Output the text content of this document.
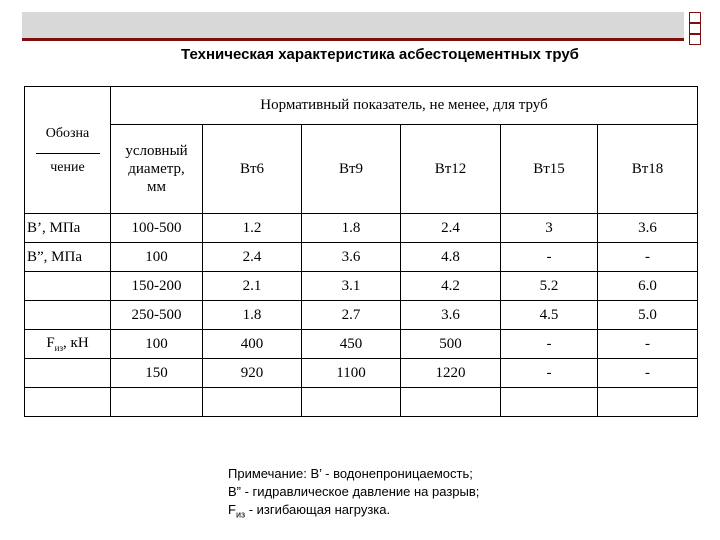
Техническая характеристика асбестоцементных труб
	Нормативный показатель, не менее, для труб					
Обозна

чение	условный
диаметр,
мм	Вт6	Вт9	Вт12	Вт15	Вт18

В’, МПа	100-500	1.2	1.8	2.4	3	3.6
В”, МПа	100	2.4	3.6	4.8	-	-
	150-200	2.1	3.1	4.2	5.2	6.0
	250-500	1.8	2.7	3.6	4.5	5.0
$F_{из}$, кН	100	400	450	500	-	-
	150	920	1100	1220	-	-

Примечание: В’ - водонепроницаемость;
В” - гидравлическое давление на разрыв;
$F_{из}$ - изгибающая нагрузка.
